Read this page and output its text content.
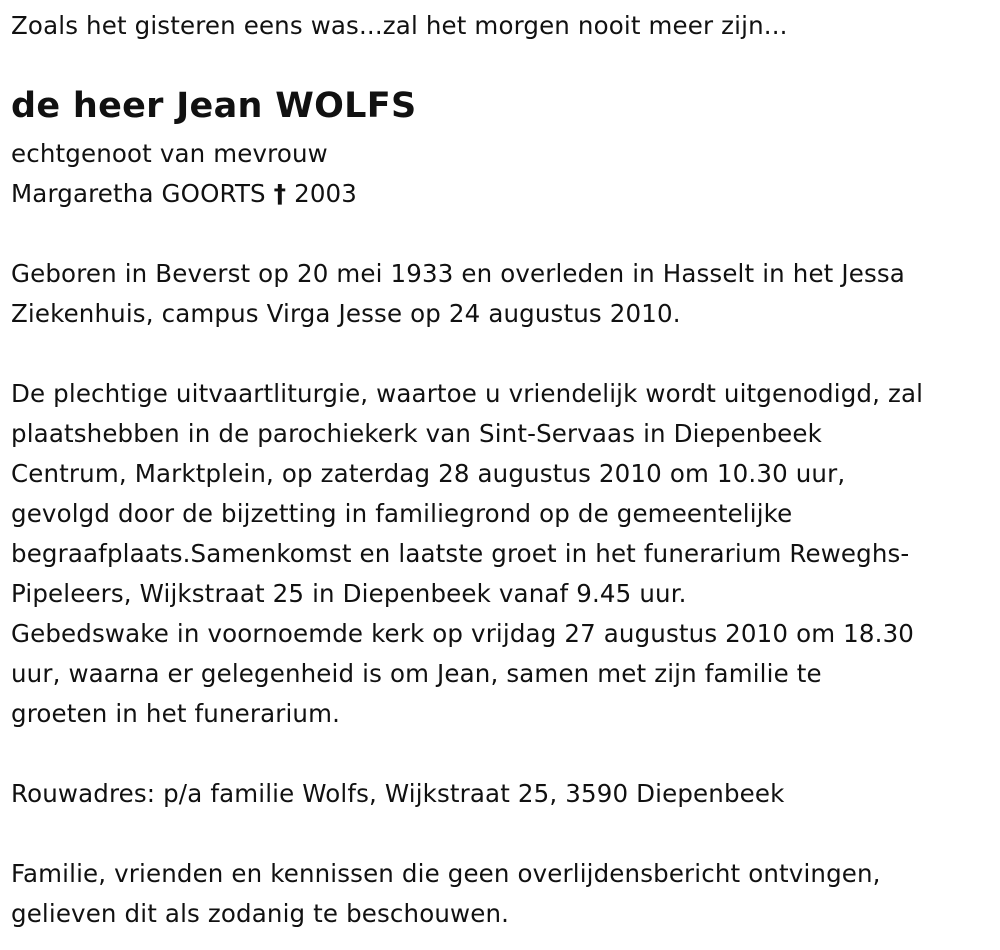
Zoals het gisteren eens was...zal het morgen nooit meer zijn...
de heer Jean WOLFS
echtgenoot van mevrouw
Margaretha GOORTS † 2003
Geboren in Beverst op 20 mei 1933 en overleden in Hasselt in het Jessa
Ziekenhuis, campus Virga Jesse op 24 augustus 2010.
De plechtige uitvaartliturgie, waartoe u vriendelijk wordt uitgenodigd, zal
plaatshebben in de parochiekerk van Sint-Servaas in Diepenbeek
Centrum, Marktplein, op zaterdag 28 augustus 2010 om 10.30 uur,
gevolgd door de bijzetting in familiegrond op de gemeentelijke
begraafplaats.Samenkomst en laatste groet in het funerarium Reweghs-
Pipeleers, Wijkstraat 25 in Diepenbeek vanaf 9.45 uur.
Gebedswake in voornoemde kerk op vrijdag 27 augustus 2010 om 18.30
uur, waarna er gelegenheid is om Jean, samen met zijn familie te
groeten in het funerarium.
Rouwadres: p/a familie Wolfs, Wijkstraat 25, 3590 Diepenbeek
Familie, vrienden en kennissen die geen overlijdensbericht ontvingen,
gelieven dit als zodanig te beschouwen.
